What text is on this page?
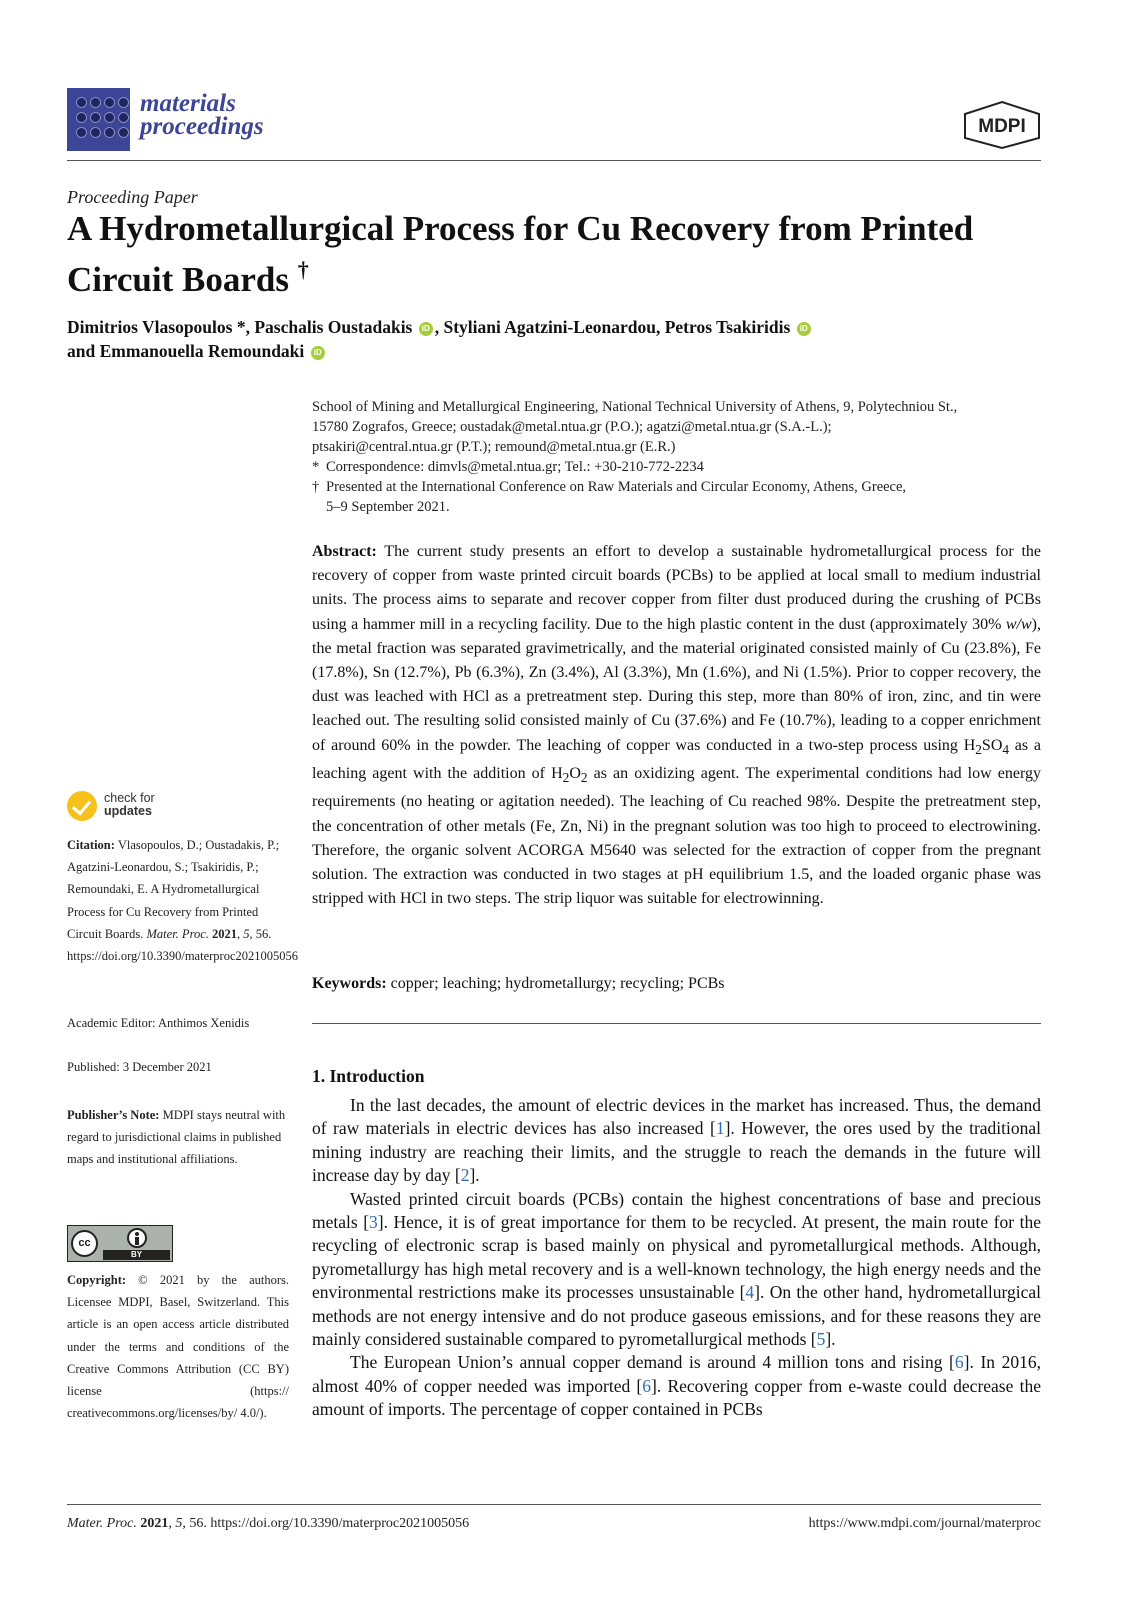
materials
proceedings	MDPI
Proceeding Paper
A Hydrometallurgical Process for Cu Recovery from Printed Circuit Boards †
Dimitrios Vlasopoulos *, Paschalis Oustadakis iD , Styliani Agatzini-Leonardou, Petros Tsakiridis iD
and Emmanouella Remoundaki iD
School of Mining and Metallurgical Engineering, National Technical University of Athens, 9, Polytechniou St.,
15780 Zografos, Greece; oustadak@metal.ntua.gr (P.O.); agatzi@metal.ntua.gr (S.A.-L.);
ptsakiri@central.ntua.gr (P.T.); remound@metal.ntua.gr (E.R.)
* Correspondence: dimvls@metal.ntua.gr; Tel.: +30-210-772-2234
† Presented at the International Conference on Raw Materials and Circular Economy, Athens, Greece,
5–9 September 2021.
Abstract: The current study presents an effort to develop a sustainable hydrometallurgical process for the recovery of copper from waste printed circuit boards (PCBs) to be applied at local small to medium industrial units. The process aims to separate and recover copper from filter dust produced during the crushing of PCBs using a hammer mill in a recycling facility. Due to the high plastic content in the dust (approximately 30% w/w), the metal fraction was separated gravimetrically, and the material originated consisted mainly of Cu (23.8%), Fe (17.8%), Sn (12.7%), Pb (6.3%), Zn (3.4%), Al (3.3%), Mn (1.6%), and Ni (1.5%). Prior to copper recovery, the dust was leached with HCl as a pretreatment step. During this step, more than 80% of iron, zinc, and tin were leached out. The resulting solid consisted mainly of Cu (37.6%) and Fe (10.7%), leading to a copper enrichment of around 60% in the powder. The leaching of copper was conducted in a two-step process using $H_2SO_4$ as a leaching agent with the addition of $H_2O_2$ as an oxidizing agent. The experimental conditions had low energy requirements (no heating or agitation needed). The leaching of Cu reached 98%. Despite the pretreatment step, the concentration of other metals (Fe, Zn, Ni) in the pregnant solution was too high to proceed to electrowining. Therefore, the organic solvent ACORGA M5640 was selected for the extraction of copper from the pregnant solution. The extraction was conducted in two stages at pH equilibrium 1.5, and the loaded organic phase was stripped with HCl in two steps. The strip liquor was suitable for electrowinning.
Keywords: copper; leaching; hydrometallurgy; recycling; PCBs
1. Introduction

In the last decades, the amount of electric devices in the market has increased. Thus, the demand of raw materials in electric devices has also increased [1]. However, the ores used by the traditional mining industry are reaching their limits, and the struggle to reach the demands in the future will increase day by day [2].

Wasted printed circuit boards (PCBs) contain the highest concentrations of base and precious metals [3]. Hence, it is of great importance for them to be recycled. At present, the main route for the recycling of electronic scrap is based mainly on physical and pyrometallurgical methods. Although, pyrometallurgy has high metal recovery and is a well-known technology, the high energy needs and the environmental restrictions make its processes unsustainable [4]. On the other hand, hydrometallurgical methods are not energy intensive and do not produce gaseous emissions, and for these reasons they are mainly considered sustainable compared to pyrometallurgical methods [5].

The European Union’s annual copper demand is around 4 million tons and rising [6]. In 2016, almost 40% of copper needed was imported [6]. Recovering copper from e-waste could decrease the amount of imports. The percentage of copper contained in PCBs

check for
updates
Citation: Vlasopoulos, D.; Oustadakis, P.; Agatzini-Leonardou, S.; Tsakiridis, P.; Remoundaki, E. A Hydrometallurgical Process for Cu Recovery from Printed Circuit Boards. Mater. Proc. 2021, 5, 56. https://doi.org/10.3390/materproc2021005056
Academic Editor: Anthimos Xenidis
Published: 3 December 2021
Publisher’s Note: MDPI stays neutral with regard to jurisdictional claims in published maps and institutional affiliations.
cc
BY
Copyright: © 2021 by the authors. Licensee MDPI, Basel, Switzerland. This article is an open access article distributed under the terms and conditions of the Creative Commons Attribution (CC BY) license (https:// creativecommons.org/licenses/by/ 4.0/).
Mater. Proc. 2021, 5, 56. https://doi.org/10.3390/materproc2021005056	https://www.mdpi.com/journal/materproc
